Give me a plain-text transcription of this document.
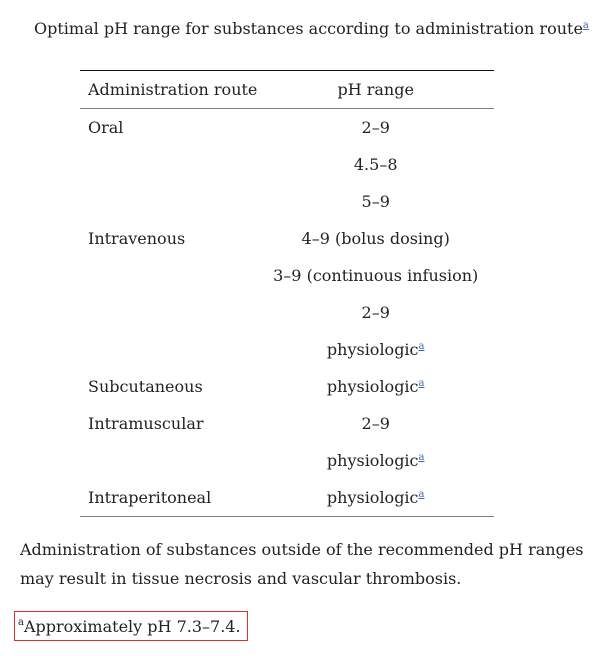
Optimal pH range for substances according to administration route$^a$
Administration route	pH range
Oral	2–9
	4.5–8
	5–9
Intravenous	4–9 (bolus dosing)
	3–9 (continuous infusion)
	2–9
	physiologic$^a$
Subcutaneous	physiologic$^a$
Intramuscular	2–9
	physiologic$^a$
Intraperitoneal	physiologic$^a$
Administration of substances outside of the recommended pH ranges may result in tissue necrosis and vascular thrombosis.
$^a$Approximately pH 7.3–7.4.
